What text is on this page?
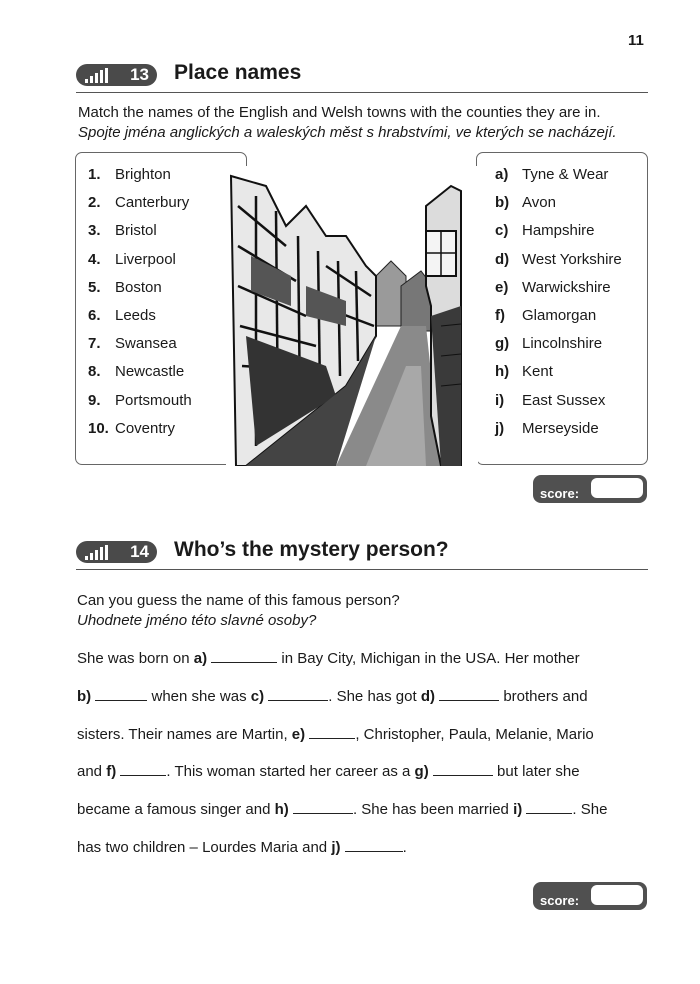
11
13 Place names
Match the names of the English and Welsh towns with the counties they are in.
Spojte jména anglických a waleských měst s hrabstvími, ve kterých se nacházejí.
1. Brighton
2. Canterbury
3. Bristol
4. Liverpool
5. Boston
6. Leeds
7. Swansea
8. Newcastle
9. Portsmouth
10. Coventry
a) Tyne & Wear
b) Avon
c) Hampshire
d) West Yorkshire
e) Warwickshire
f) Glamorgan
g) Lincolnshire
h) Kent
i) East Sussex
j) Merseyside
score:
14 Who’s the mystery person?
Can you guess the name of this famous person?
Uhodnete jméno této slavné osoby?
She was born on a)	in Bay City, Michigan in the USA. Her mother
b)	when she was c)	. She has got d)	brothers and
sisters. Their names are Martin, e)	, Christopher, Paula, Melanie, Mario
and f)	. This woman started her career as a g)	but later she
became a famous singer and h)	. She has been married i)	. She
has two children – Lourdes Maria and j)	.
score:
